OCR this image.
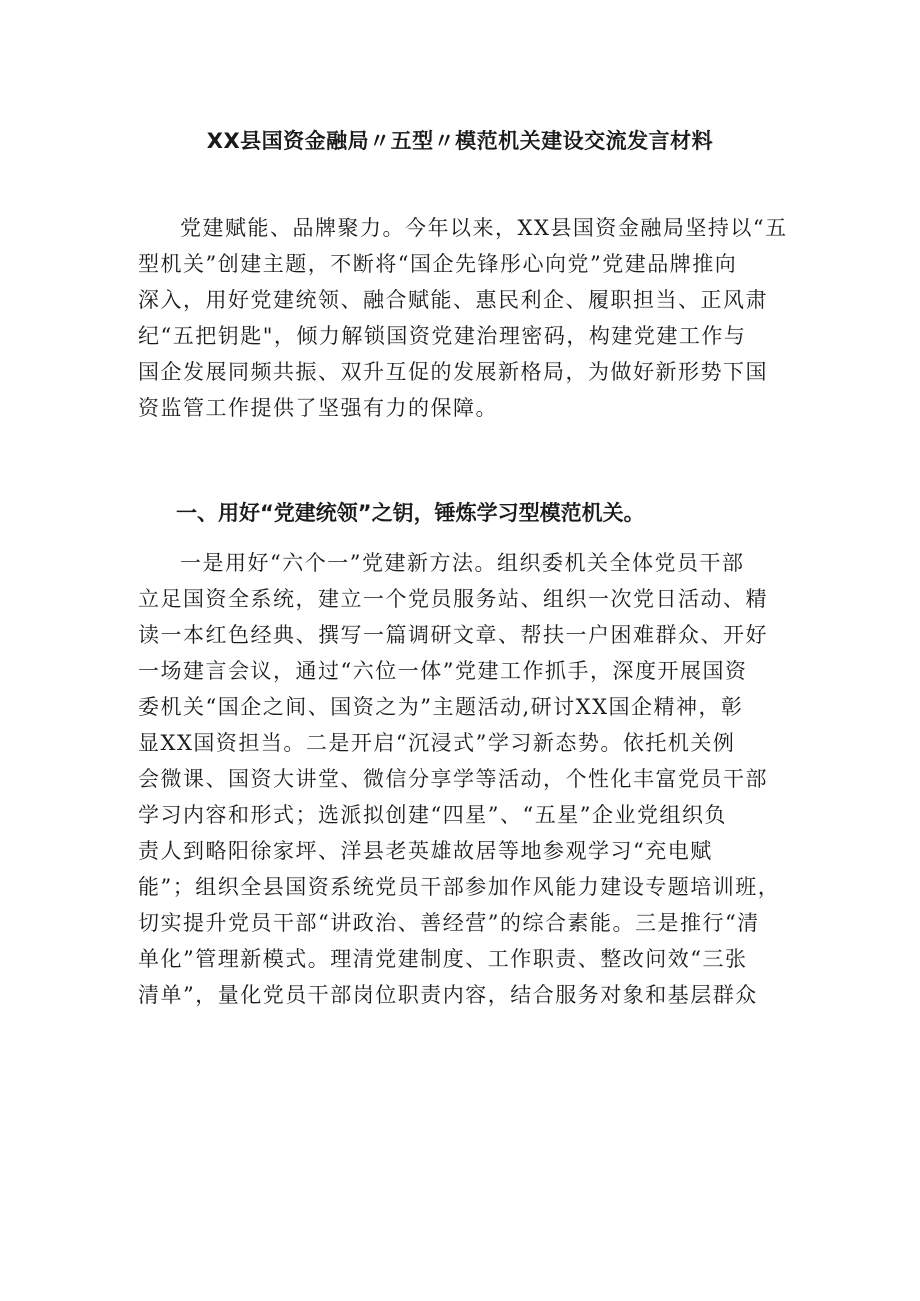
XX县国资金融局〃五型〃模范机关建设交流发言材料
党建赋能、品牌聚力。今年以来，XX县国资金融局坚持以“五
型机关”创建主题，不断将“国企先锋彤心向党”党建品牌推向
深入，用好党建统领、融合赋能、惠民利企、履职担当、正风肃
纪“五把钥匙"，倾力解锁国资党建治理密码，构建党建工作与
国企发展同频共振、双升互促的发展新格局，为做好新形势下国
资监管工作提供了坚强有力的保障。
一、用好“党建统领”之钥，锤炼学习型模范机关。
一是用好“六个一”党建新方法。组织委机关全体党员干部
立足国资全系统，建立一个党员服务站、组织一次党日活动、精
读一本红色经典、撰写一篇调研文章、帮扶一户困难群众、开好
一场建言会议，通过“六位一体”党建工作抓手，深度开展国资
委机关“国企之间、国资之为”主题活动,研讨XX国企精神，彰
显XX国资担当。二是开启“沉浸式”学习新态势。依托机关例
会微课、国资大讲堂、微信分享学等活动，个性化丰富党员干部
学习内容和形式；选派拟创建“四星”、“五星”企业党组织负
责人到略阳徐家坪、洋县老英雄故居等地参观学习“充电赋
能”；组织全县国资系统党员干部参加作风能力建设专题培训班，
切实提升党员干部“讲政治、善经营”的综合素能。三是推行“清
单化”管理新模式。理清党建制度、工作职责、整改问效“三张
清单”，量化党员干部岗位职责内容，结合服务对象和基层群众
